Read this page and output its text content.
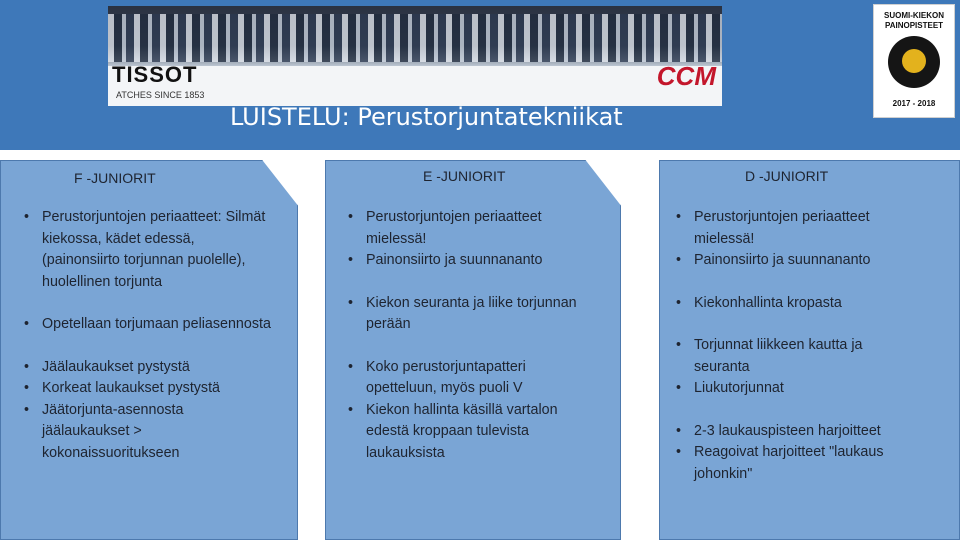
TISSOT
ATCHES SINCE 1853
CCM
LUISTELU: Perustorjuntatekniikat
SUOMI-KIEKON
PAINOPISTEET
2017 - 2018
F -JUNIORIT	E -JUNIORIT	D -JUNIORIT
• Perustorjuntojen periaatteet: Silmät kiekossa, kädet edessä, (painonsiirto torjunnan puolelle), huolellinen torjunta
• Opetellaan torjumaan peliasennosta
• Jäälaukaukset pystystä
• Korkeat laukaukset pystystä
• Jäätorjunta-asennosta jäälaukaukset > kokonaissuoritukseen
• Perustorjuntojen periaatteet mielessä!
• Painonsiirto ja suunnananto
• Kiekon seuranta ja liike torjunnan perään
• Koko perustorjuntapatteri opetteluun, myös puoli V
• Kiekon hallinta käsillä vartalon edestä kroppaan tulevista laukauksista
• Perustorjuntojen periaatteet mielessä!
• Painonsiirto ja suunnananto
• Kiekonhallinta kropasta
• Torjunnat liikkeen kautta ja seuranta
• Liukutorjunnat
• 2-3 laukauspisteen harjoitteet
• Reagoivat harjoitteet "laukaus johonkin"
